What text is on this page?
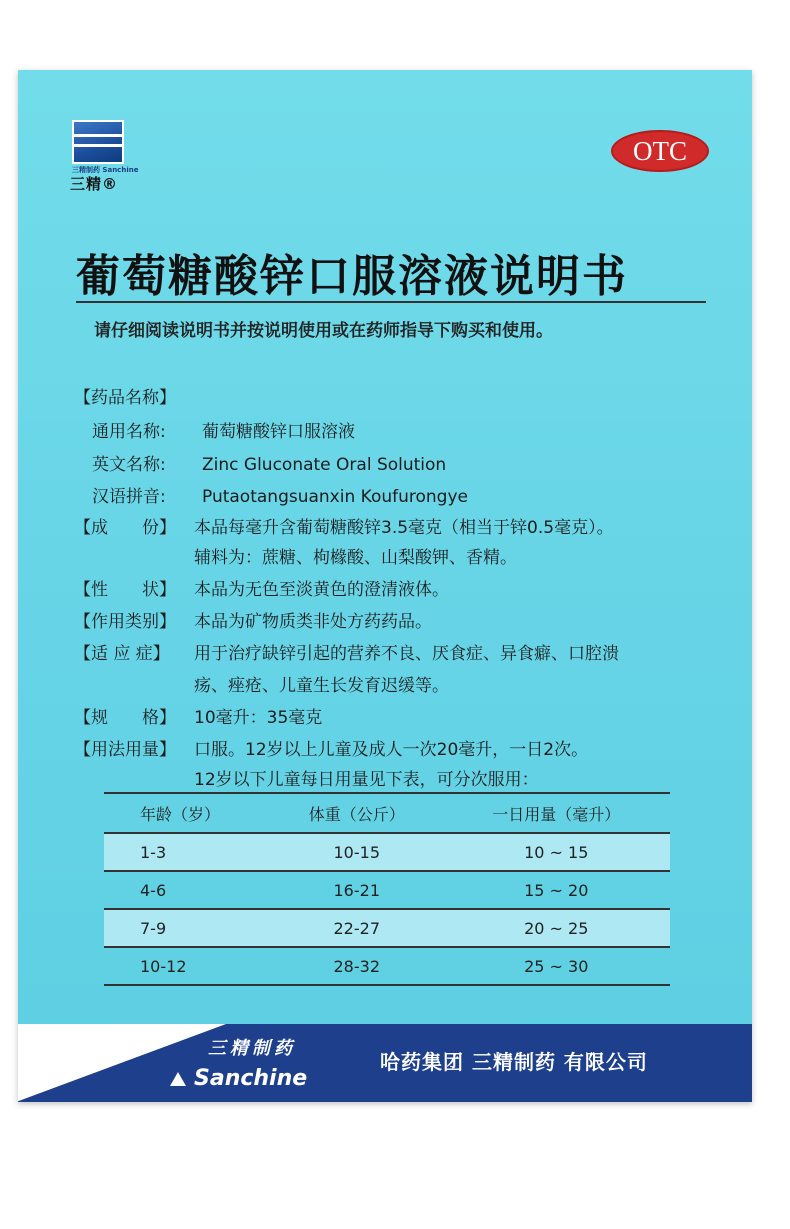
三精制药 Sanchine
三精®
OTC
葡萄糖酸锌口服溶液说明书
请仔细阅读说明书并按说明使用或在药师指导下购买和使用。
【药品名称】
通用名称: 葡萄糖酸锌口服溶液
英文名称: Zinc Gluconate Oral Solution
汉语拼音: Putaotangsuanxin Koufurongye
【成　　份】 本品每毫升含葡萄糖酸锌3.5毫克（相当于锌0.5毫克）。
辅料为：蔗糖、枸橼酸、山梨酸钾、香精。
【性　　状】 本品为无色至淡黄色的澄清液体。
【作用类别】 本品为矿物质类非处方药药品。
【适 应 症】 用于治疗缺锌引起的营养不良、厌食症、异食癖、口腔溃
疡、痤疮、儿童生长发育迟缓等。
【规　　格】 10毫升：35毫克
【用法用量】 口服。12岁以上儿童及成人一次20毫升，一日2次。
12岁以下儿童每日用量见下表，可分次服用：
年龄（岁）	体重（公斤）	一日用量（毫升）
1-3	10-15	10 ~ 15
4-6	16-21	15 ~ 20
7-9	22-27	20 ~ 25
10-12	28-32	25 ~ 30
三精制药
Sanchine
哈药集团 三精制药 有限公司
